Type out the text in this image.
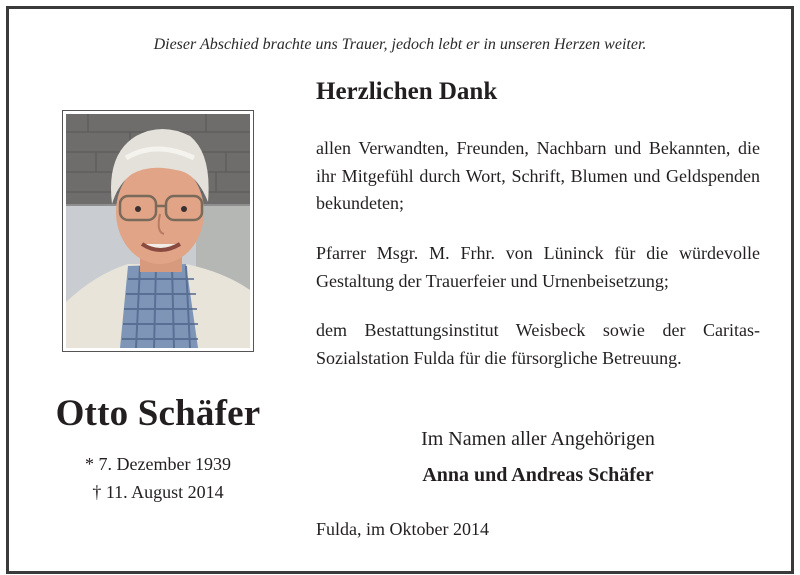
Dieser Abschied brachte uns Trauer, jedoch lebt er in unseren Herzen weiter.
Otto Schäfer
* 7. Dezember 1939
† 11. August 2014
Herzlichen Dank
allen Verwandten, Freunden, Nachbarn und Bekannten, die ihr Mitgefühl durch Wort, Schrift, Blumen und Geldspenden bekundeten;
Pfarrer Msgr. M. Frhr. von Lüninck für die würdevolle Gestaltung der Trauerfeier und Urnenbeisetzung;
dem Bestattungsinstitut Weisbeck sowie der Caritas-Sozialstation Fulda für die fürsorgliche Betreuung.
Im Namen aller Angehörigen
Anna und Andreas Schäfer
Fulda, im Oktober 2014
